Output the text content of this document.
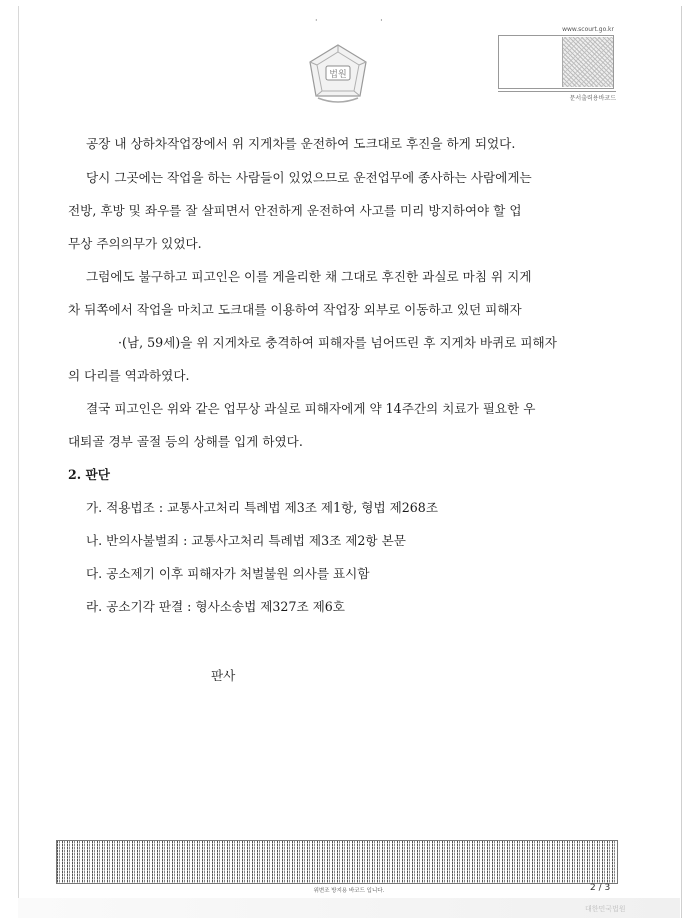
· ·
법원
www.scourt.go.kr
문서출력용바코드
공장 내 상하차작업장에서 위 지게차를 운전하여 도크대로 후진을 하게 되었다.
당시 그곳에는 작업을 하는 사람들이 있었으므로 운전업무에 종사하는 사람에게는
전방, 후방 및 좌우를 잘 살피면서 안전하게 운전하여 사고를 미리 방지하여야 할 업
무상 주의의무가 있었다.
그럼에도 불구하고 피고인은 이를 게을리한 채 그대로 후진한 과실로 마침 위 지게
차 뒤쪽에서 작업을 마치고 도크대를 이용하여 작업장 외부로 이동하고 있던 피해자
·(남, 59세)을 위 지게차로 충격하여 피해자를 넘어뜨린 후 지게차 바퀴로 피해자
의 다리를 역과하였다.
결국 피고인은 위와 같은 업무상 과실로 피해자에게 약 14주간의 치료가 필요한 우
대퇴골 경부 골절 등의 상해를 입게 하였다.
2. 판단
가. 적용법조 : 교통사고처리 특례법 제3조 제1항, 형법 제268조
나. 반의사불벌죄 : 교통사고처리 특례법 제3조 제2항 본문
다. 공소제기 이후 피해자가 처벌불원 의사를 표시함
라. 공소기각 판결 : 형사소송법 제327조 제6호
판사
위변조 방지용 바코드 입니다.	2 / 3
대한민국법원
